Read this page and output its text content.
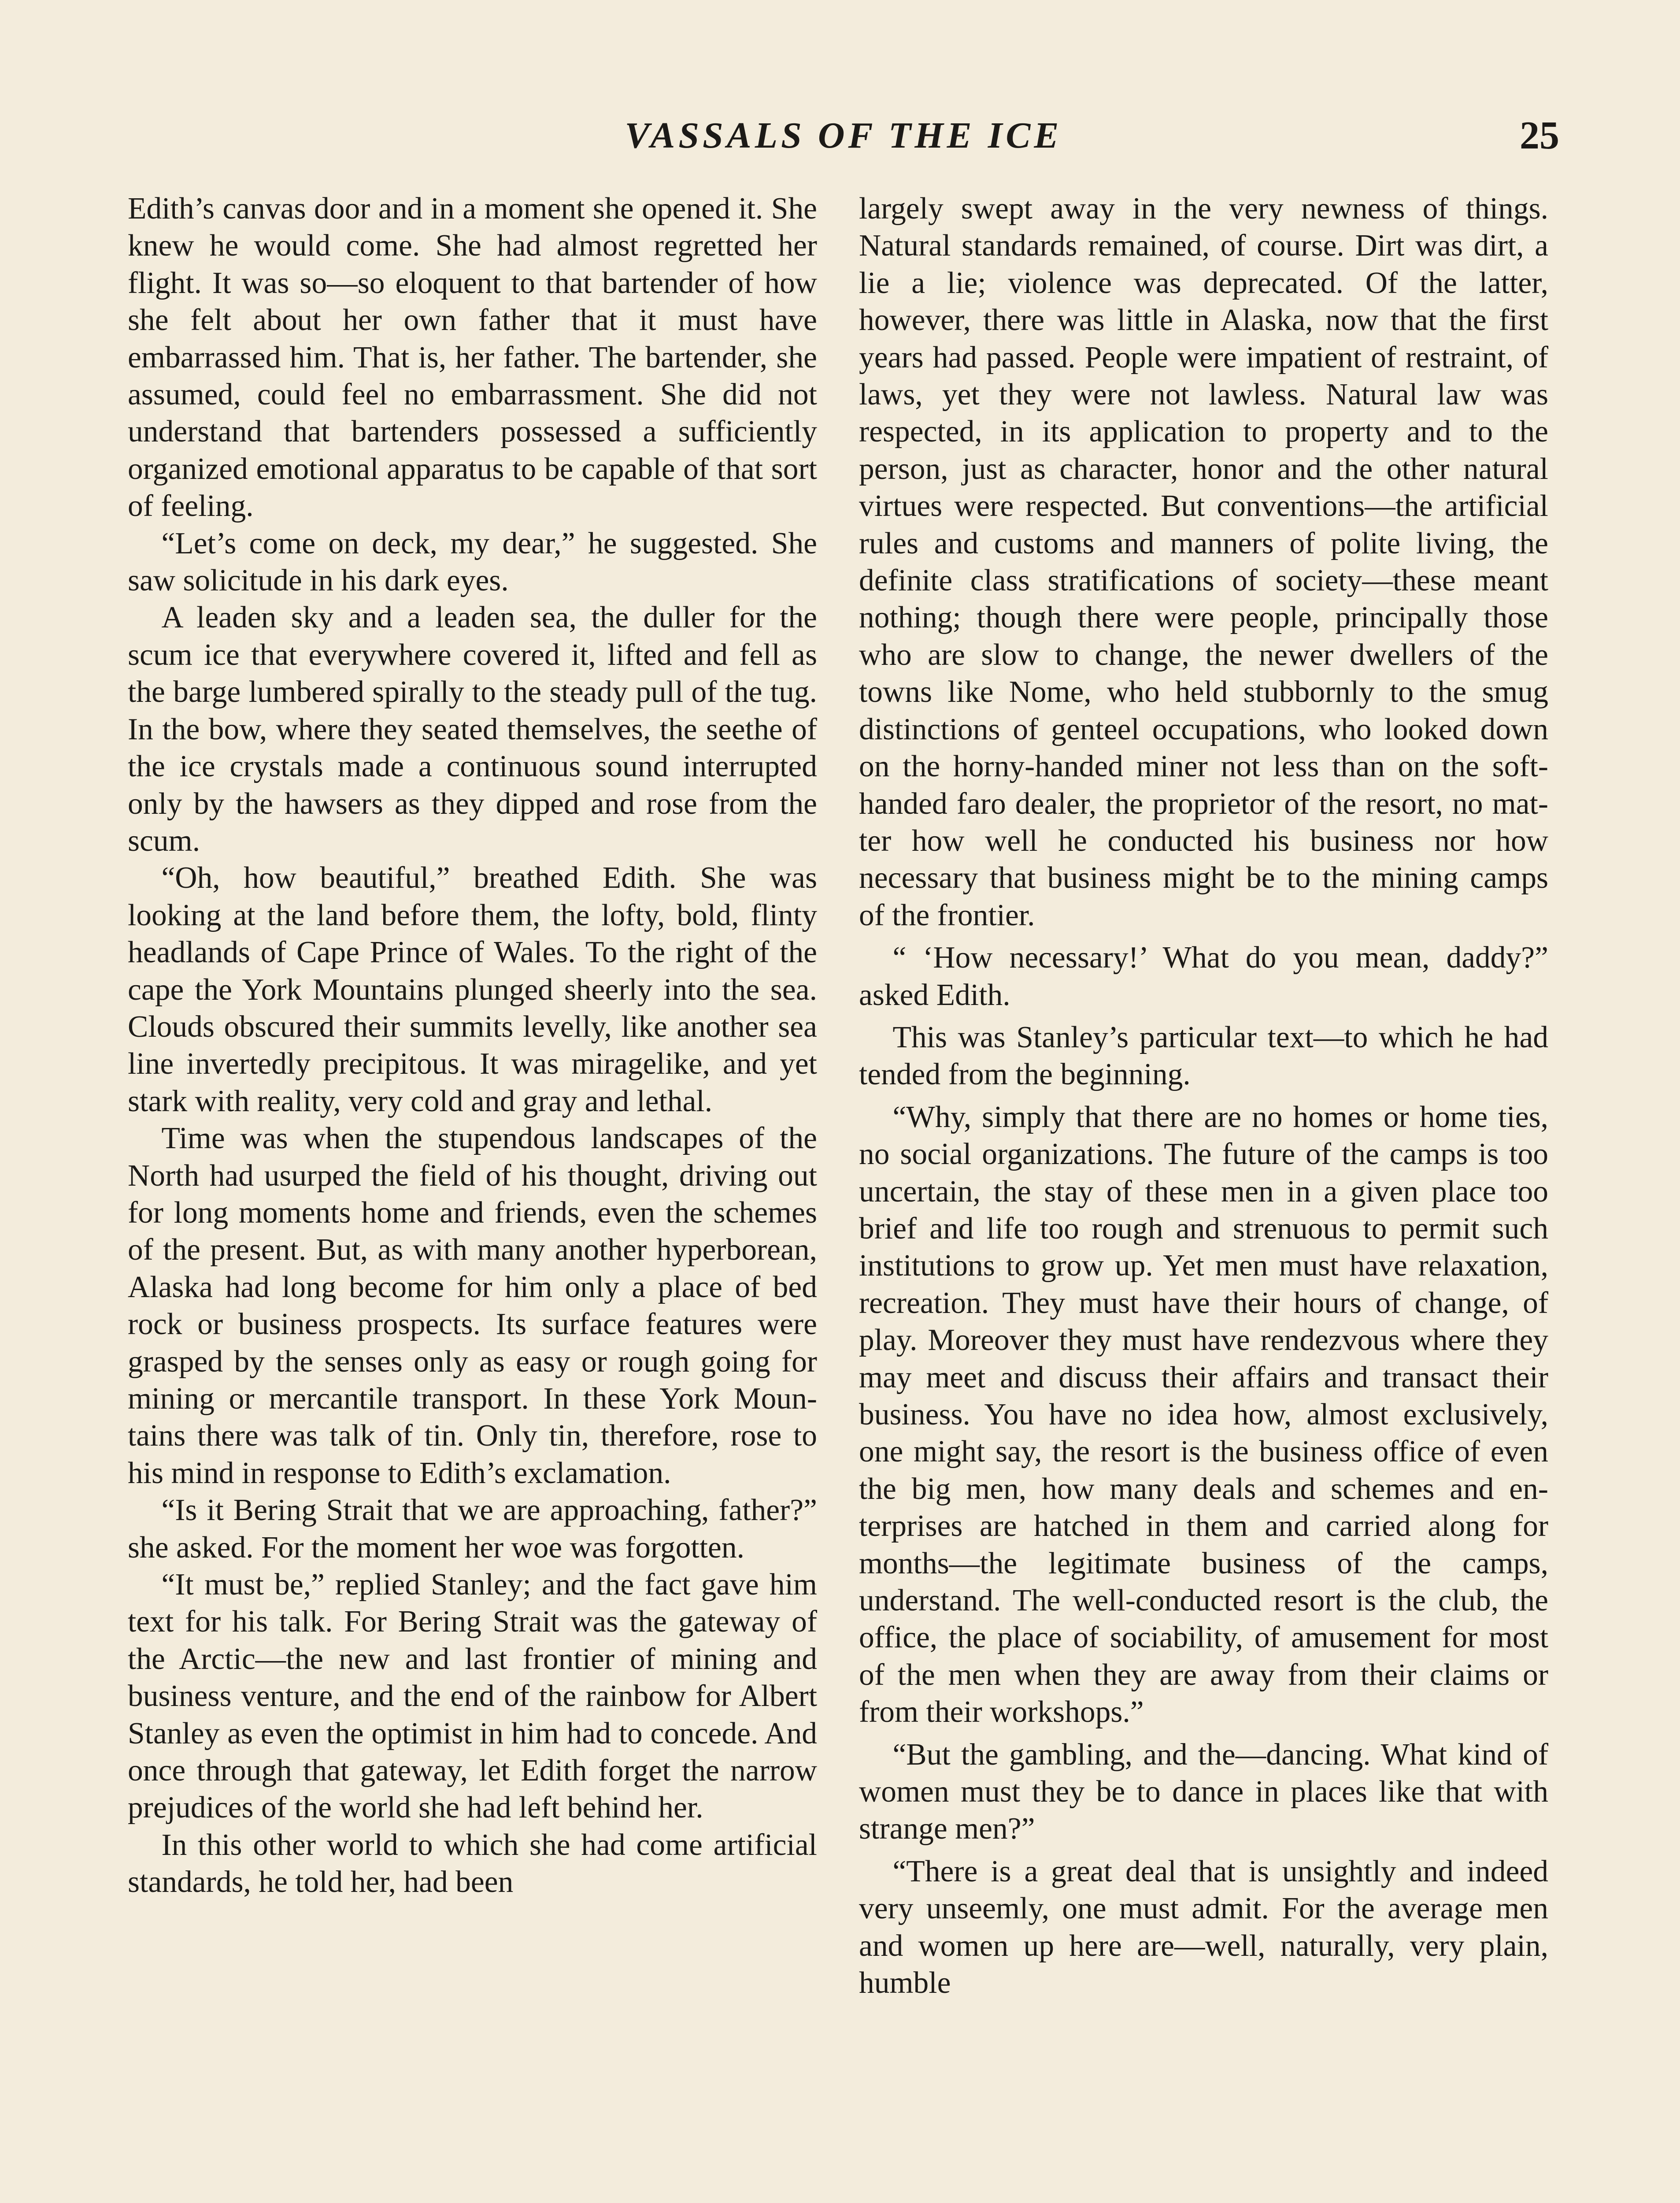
VASSALS OF THE ICE	25

Edith’s canvas door and in a moment she opened it. She knew he would come. She had almost regretted her flight. It was so—so eloquent to that bartender of how she felt about her own father that it must have embarrassed him. That is, her father. The bartender, she assumed, could feel no embarrassment. She did not understand that bartenders possessed a sufficiently organized emotional apparatus to be capable of that sort of feeling.

“Let’s come on deck, my dear,” he suggested. She saw solicitude in his dark eyes.

A leaden sky and a leaden sea, the duller for the scum ice that everywhere covered it, lifted and fell as the barge lumbered spirally to the steady pull of the tug. In the bow, where they seated themselves, the seethe of the ice crystals made a continuous sound interrupted only by the hawsers as they dipped and rose from the scum.

“Oh, how beautiful,” breathed Edith. She was looking at the land before them, the lofty, bold, flinty headlands of Cape Prince of Wales. To the right of the cape the York Mountains plunged sheerly into the sea. Clouds obscured their summits levelly, like another sea line invertedly precipitous. It was miragelike, and yet stark with reality, very cold and gray and lethal.

Time was when the stupendous landscapes of the North had usurped the field of his thought, driving out for long moments home and friends, even the schemes of the present. But, as with many another hyperborean, Alaska had long become for him only a place of bed rock or business prospects. Its surface features were grasped by the senses only as easy or rough going for mining or mercantile transport. In these York Mountains there was talk of tin. Only tin, therefore, rose to his mind in response to Edith’s exclamation.

“Is it Bering Strait that we are approaching, father?” she asked. For the moment her woe was forgotten.

“It must be,” replied Stanley; and the fact gave him text for his talk. For Bering Strait was the gateway of the Arctic—the new and last frontier of mining and business venture, and the end of the rainbow for Albert Stanley as even the optimist in him had to concede. And once through that gateway, let Edith forget the narrow prejudices of the world she had left behind her.

In this other world to which she had come artificial standards, he told her, had been

largely swept away in the very newness of things. Natural standards remained, of course. Dirt was dirt, a lie a lie; violence was deprecated. Of the latter, however, there was little in Alaska, now that the first years had passed. People were impatient of restraint, of laws, yet they were not lawless. Natural law was respected, in its application to property and to the person, just as character, honor and the other natural virtues were respected. But conventions—the artificial rules and customs and manners of polite living, the definite class stratifications of society—these meant nothing; though there were people, principally those who are slow to change, the newer dwellers of the towns like Nome, who held stubbornly to the smug distinctions of genteel occupations, who looked down on the horny-handed miner not less than on the soft-handed faro dealer, the proprietor of the resort, no matter how well he conducted his business nor how necessary that business might be to the mining camps of the frontier.

“ ‘How necessary!’ What do you mean, daddy?” asked Edith.

This was Stanley’s particular text—to which he had tended from the beginning.

“Why, simply that there are no homes or home ties, no social organizations. The future of the camps is too uncertain, the stay of these men in a given place too brief and life too rough and strenuous to permit such institutions to grow up. Yet men must have relaxation, recreation. They must have their hours of change, of play. Moreover they must have rendezvous where they may meet and discuss their affairs and transact their business. You have no idea how, almost exclusively, one might say, the resort is the business office of even the big men, how many deals and schemes and enterprises are hatched in them and carried along for months—the legitimate business of the camps, understand. The well-conducted resort is the club, the office, the place of sociability, of amusement for most of the men when they are away from their claims or from their workshops.”

“But the gambling, and the—dancing. What kind of women must they be to dance in places like that with strange men?”

“There is a great deal that is unsightly and indeed very unseemly, one must admit. For the average men and women up here are—well, naturally, very plain, humble
